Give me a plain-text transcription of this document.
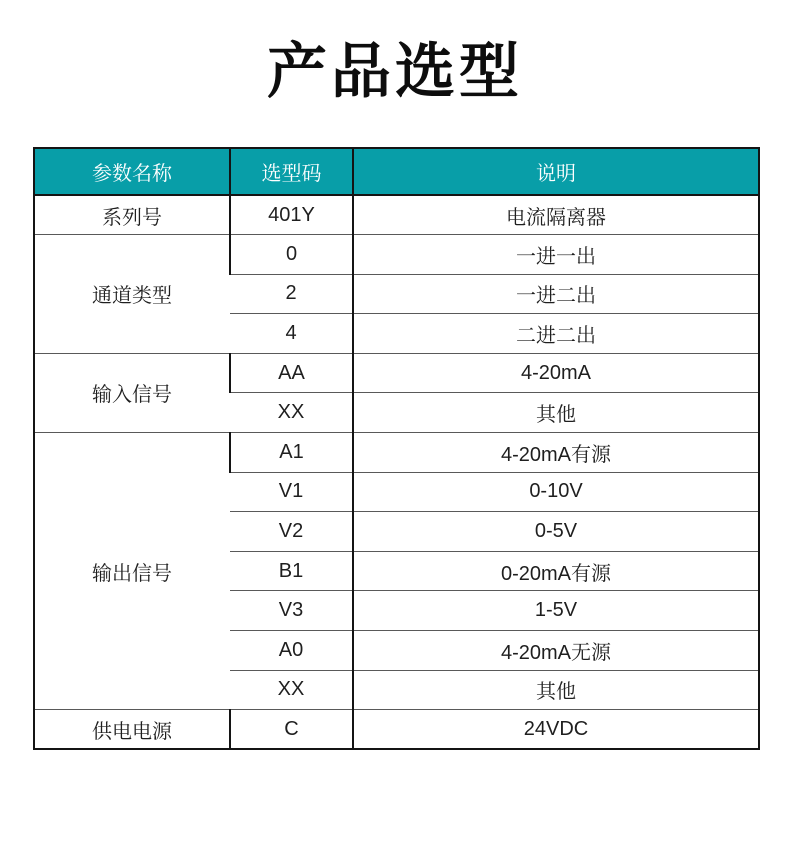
产品选型
参数名称	选型码	说明
系列号	401Y	电流隔离器
通道类型	0	一进一出
	2	一进二出
	4	二进二出
输入信号	AA	4-20mA
	XX	其他
输出信号	A1	4-20mA有源
	V1	0-10V
	V2	0-5V
	B1	0-20mA有源
	V3	1-5V
	A0	4-20mA无源
	XX	其他
供电电源	C	24VDC
